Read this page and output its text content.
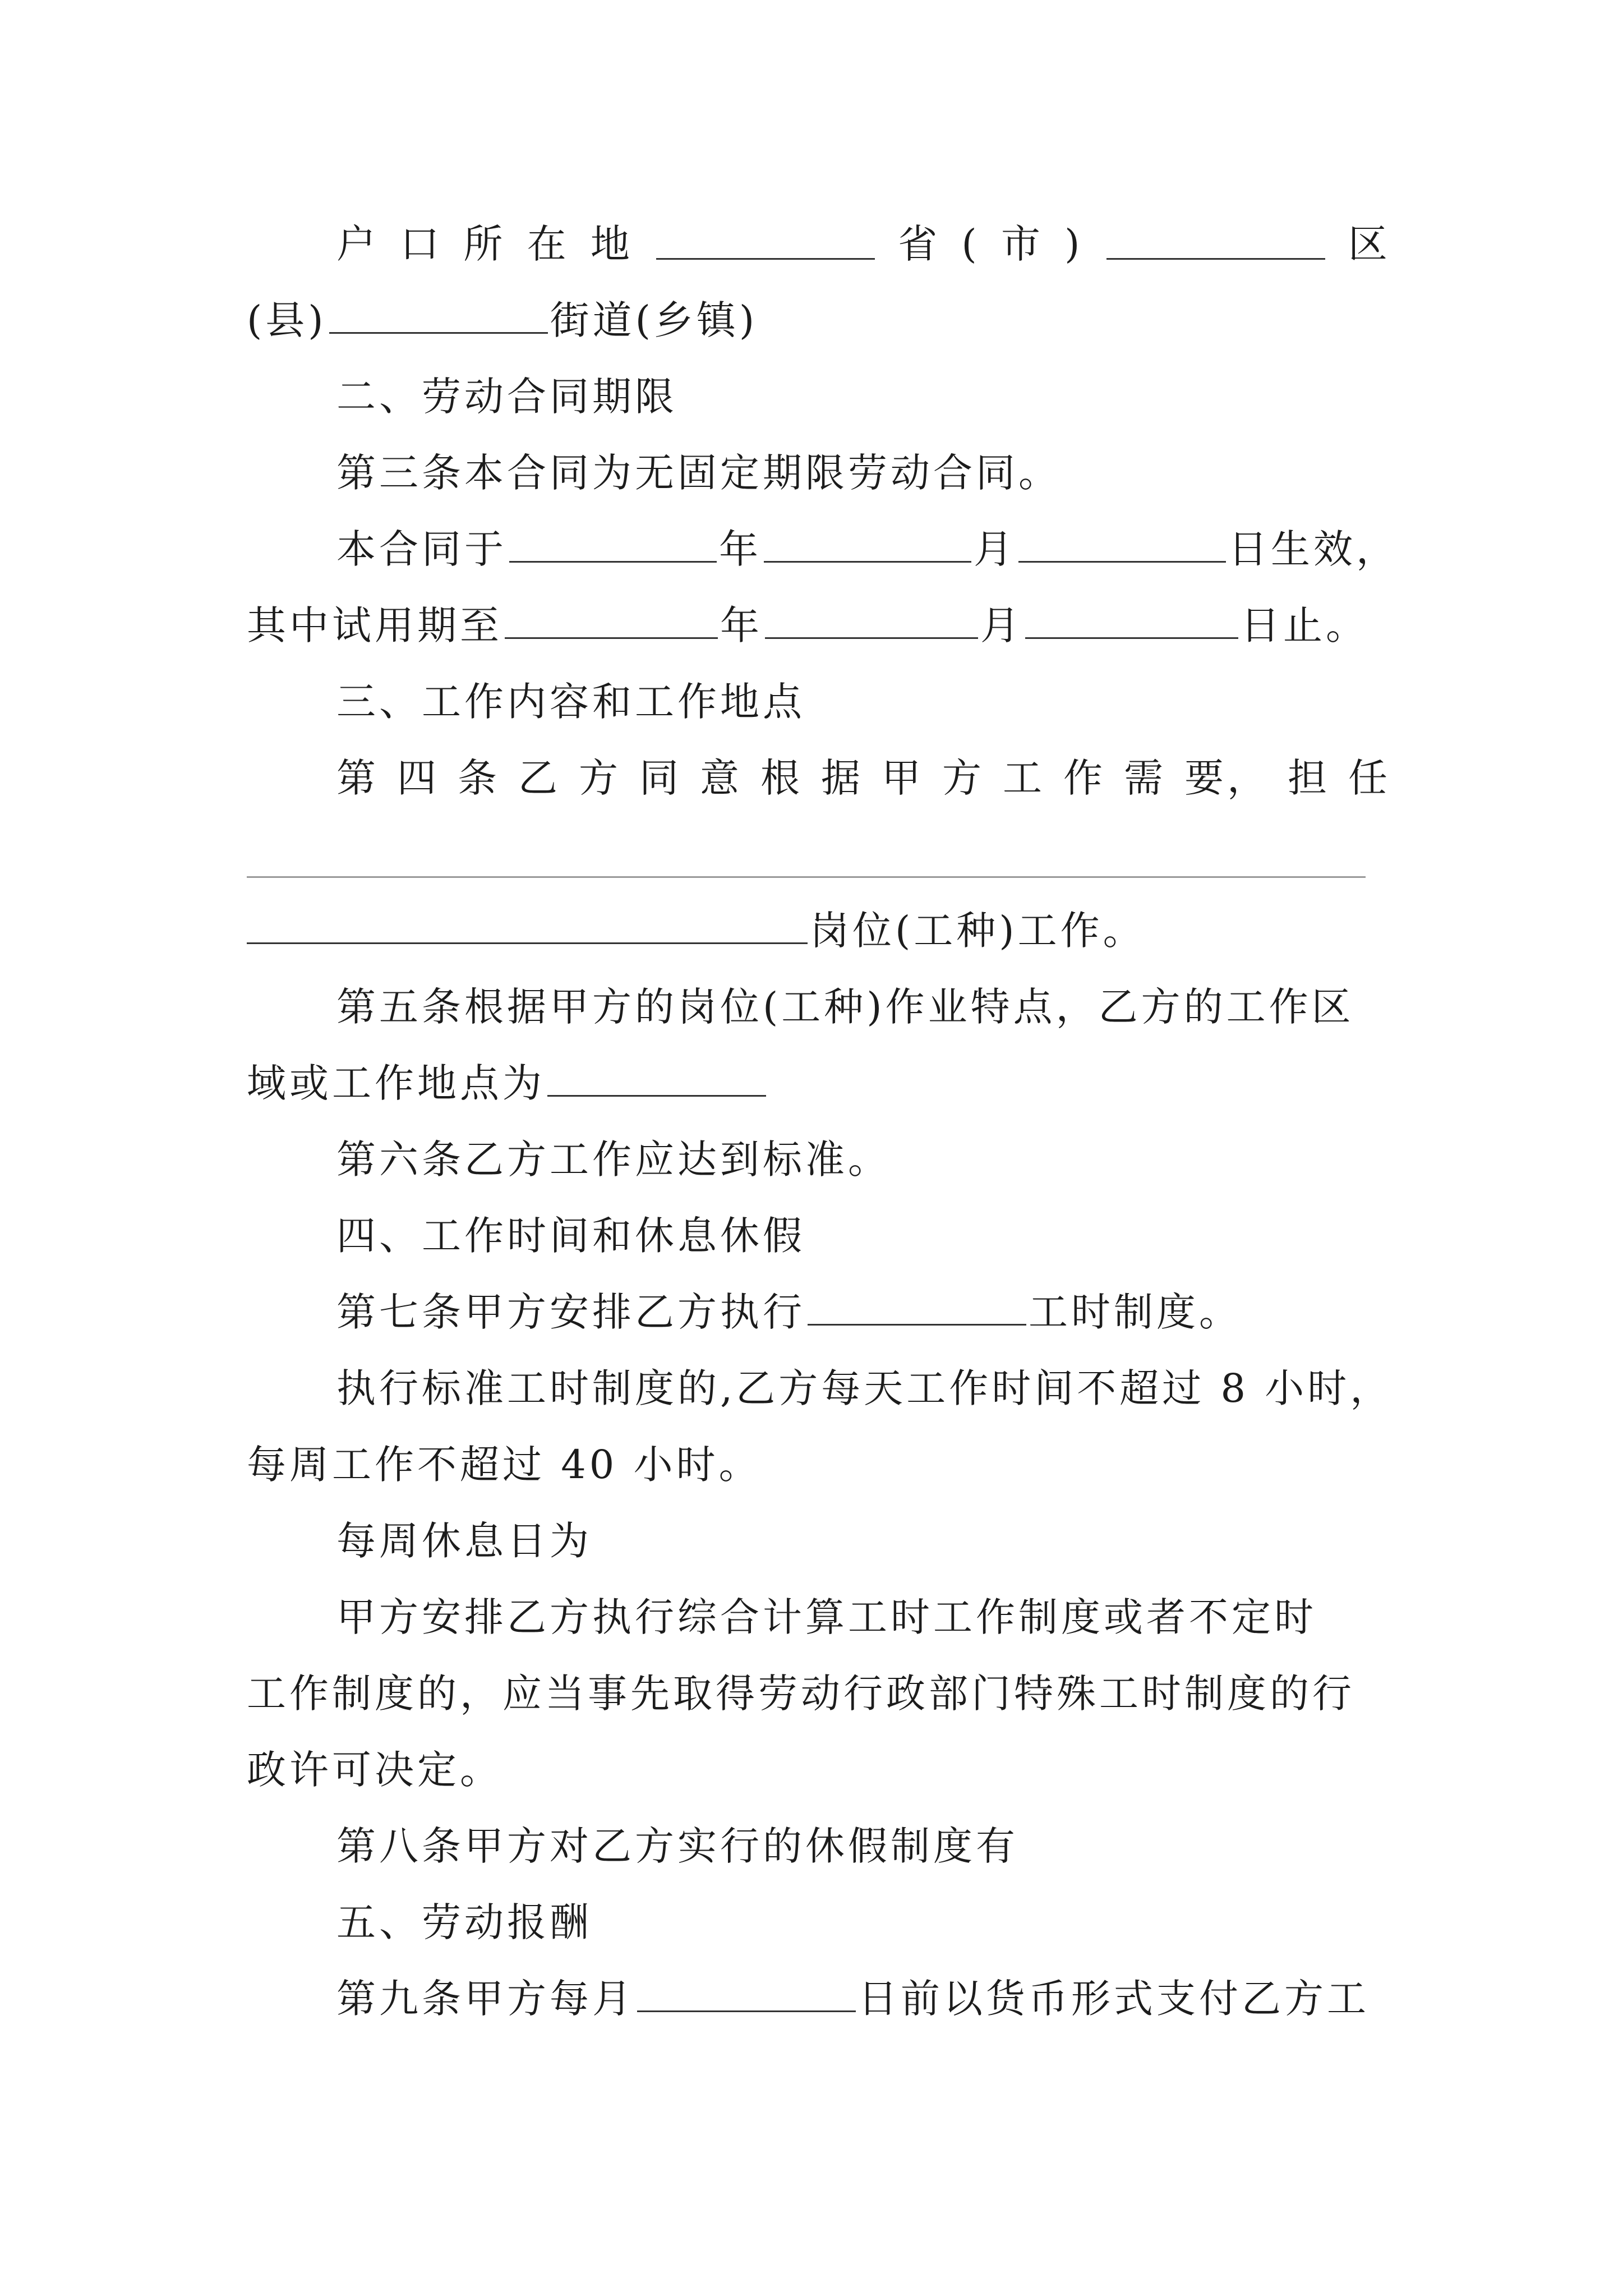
户 口 所 在 地	省 ( 市 )	区
(县)	街道(乡镇)
二、劳动合同期限
第三条本合同为无固定期限劳动合同。
本合同于	年	月	日生效，
其中试用期至	年	月	日止。
三、工作内容和工作地点
第 四 条 乙 方 同 意 根 据 甲 方 工 作 需 要， 担 任
岗位(工种)工作。
第五条根据甲方的岗位(工种)作业特点，乙方的工作区
域或工作地点为
第六条乙方工作应达到标准。
四、工作时间和休息休假
第七条甲方安排乙方执行	工时制度。
执行标准工时制度的,乙方每天工作时间不超过 8 小时，
每周工作不超过 40 小时。
每周休息日为
甲方安排乙方执行综合计算工时工作制度或者不定时
工作制度的，应当事先取得劳动行政部门特殊工时制度的行
政许可决定。
第八条甲方对乙方实行的休假制度有
五、劳动报酬
第九条甲方每月	日前以货币形式支付乙方工
